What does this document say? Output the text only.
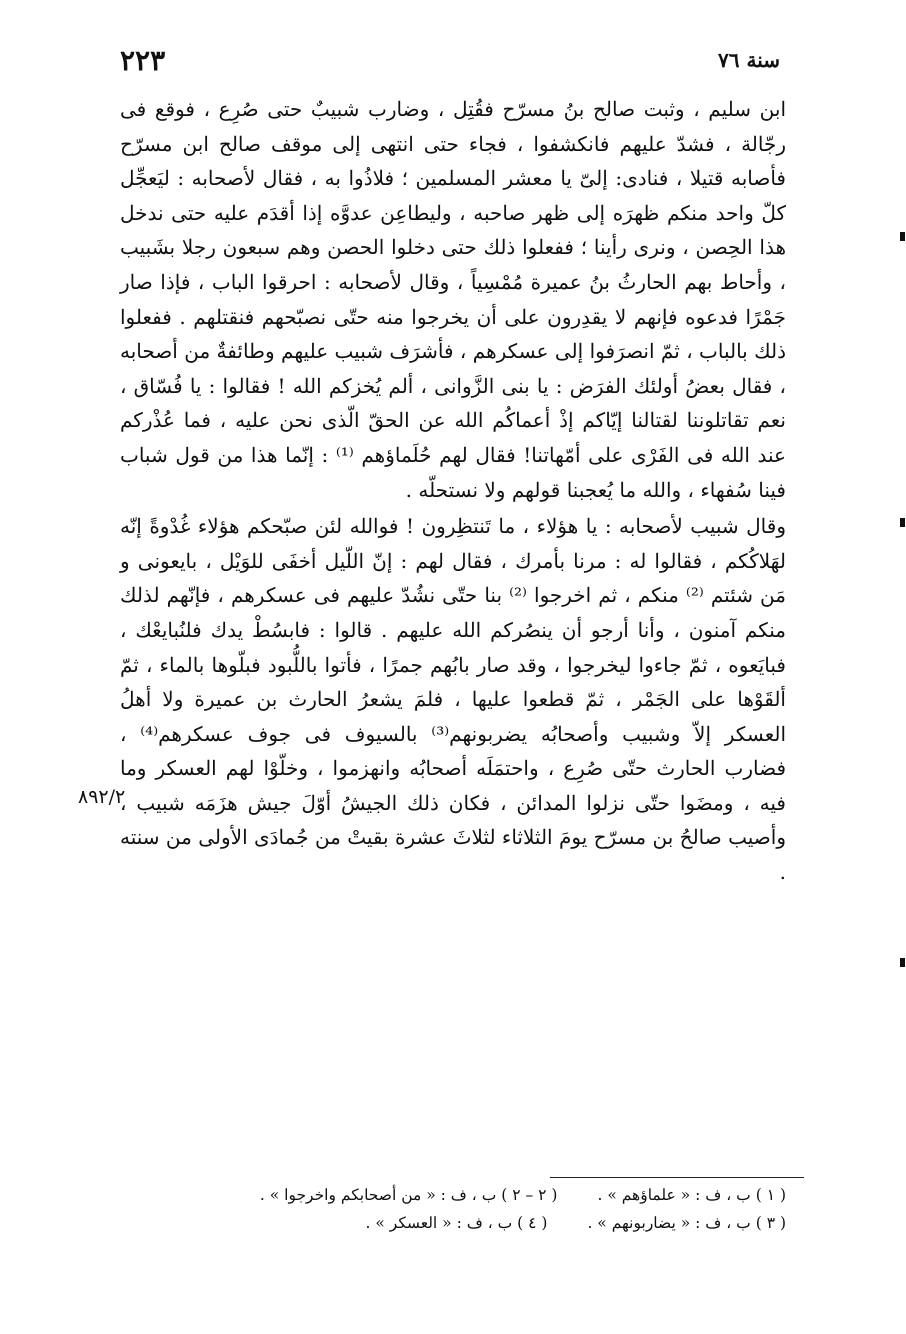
سنة ٧٦
٢٢٣

ابن سليم ، وثبت صالح بنُ مسرّح فقُتِل ، وضارب شبيبٌ حتى صُرِع ، فوقع فى رجّالة ، فشدّ عليهم فانكشفوا ، فجاء حتى انتهى إلى موقف صالح ابن مسرّح فأصابه قتيلا ، فنادى: إلىّ يا معشر المسلمين ؛ فلاذُوا به ، فقال لأصحابه : ليَعجِّل كلّ واحد منكم ظهرَه إلى ظهر صاحبه ، وليطاعِن عدوَّه إذا أقدَم عليه حتى ندخل هذا الحِصن ، ونرى رأينا ؛ ففعلوا ذلك حتى دخلوا الحصن وهم سبعون رجلا بشَبيب ، وأحاط بهم الحارثُ بنُ عميرة مُمْسِياً ، وقال لأصحابه : احرقوا الباب ، فإذا صار جَمْرًا فدعوه فإنهم لا يقدِرون على أن يخرجوا منه حتّى نصبّحهم فنقتلهم . ففعلوا ذلك بالباب ، ثمّ انصرَفوا إلى عسكرهم ، فأشرَف شبيب عليهم وطائفةٌ من أصحابه ، فقال بعضُ أولئك الفرَض : يا بنى الزَّوانى ، ألم يُخزكم الله ! فقالوا : يا فُسّاق ، نعم تقاتلوننا لقتالنا إيّاكم إذْ أعماكُم الله عن الحقّ الّذى نحن عليه ، فما عُذْركم عند الله فى الفَرْى على أمّهاتنا! فقال لهم حُلَماؤهم ⁽¹⁾ : إنّما هذا من قول شباب فينا سُفهاء ، والله ما يُعجبنا قولهم ولا نستحلّه .

وقال شبيب لأصحابه : يا هؤلاء ، ما تَنتظِرون ! فوالله لئن صبّحكم هؤلاء غُدْوةً إنّه لهَلاكُكم ، فقالوا له : مرنا بأمرك ، فقال لهم : إنّ اللّيل أخفَى للوَيْل ، بايعونى و مَن شئتم ⁽²⁾ منكم ، ثم اخرجوا ⁽²⁾ بنا حتّى نشُدّ عليهم فى عسكرهم ، فإنّهم لذلك منكم آمنون ، وأنا أرجو أن ينصُركم الله عليهم . قالوا : فابسُطْ يدك فلنُبايعْك ، فبايَعوه ، ثمّ جاءوا ليخرجوا ، وقد صار بابُهم جمرًا ، فأتوا باللُّبود فبلّوها بالماء ، ثمّ ألقَوْها على الجَمْر ، ثمّ قطعوا عليها ، فلمَ يشعرُ الحارث بن عميرة ولا أهلُ العسكر إلاّ وشبيب وأصحابُه يضربونهم⁽³⁾ بالسيوف فى جوف عسكرهم⁽⁴⁾ ، فضارب الحارث حتّى صُرِع ، واحتمَلَه أصحابُه وانهزموا ، وخلّوْا لهم العسكر وما فيه ، ومضَوا حتّى نزلوا المدائن ، فكان ذلك الجيشُ أوّلَ جيش هزَمَه شبيب ، وأصيب صالحُ بن مسرّح يومَ الثلاثاء لثلاثَ عشرة بقيتْ من جُمادَى الأولى من سنته .

٨٩٢/٢
( ١ ) ب ، ف : « علماؤهم » .
( ٢ – ٢ ) ب ، ف : « من أصحابكم واخرجوا » .
( ٣ ) ب ، ف : « يضاربونهم » .
( ٤ ) ب ، ف : « العسكر » .
